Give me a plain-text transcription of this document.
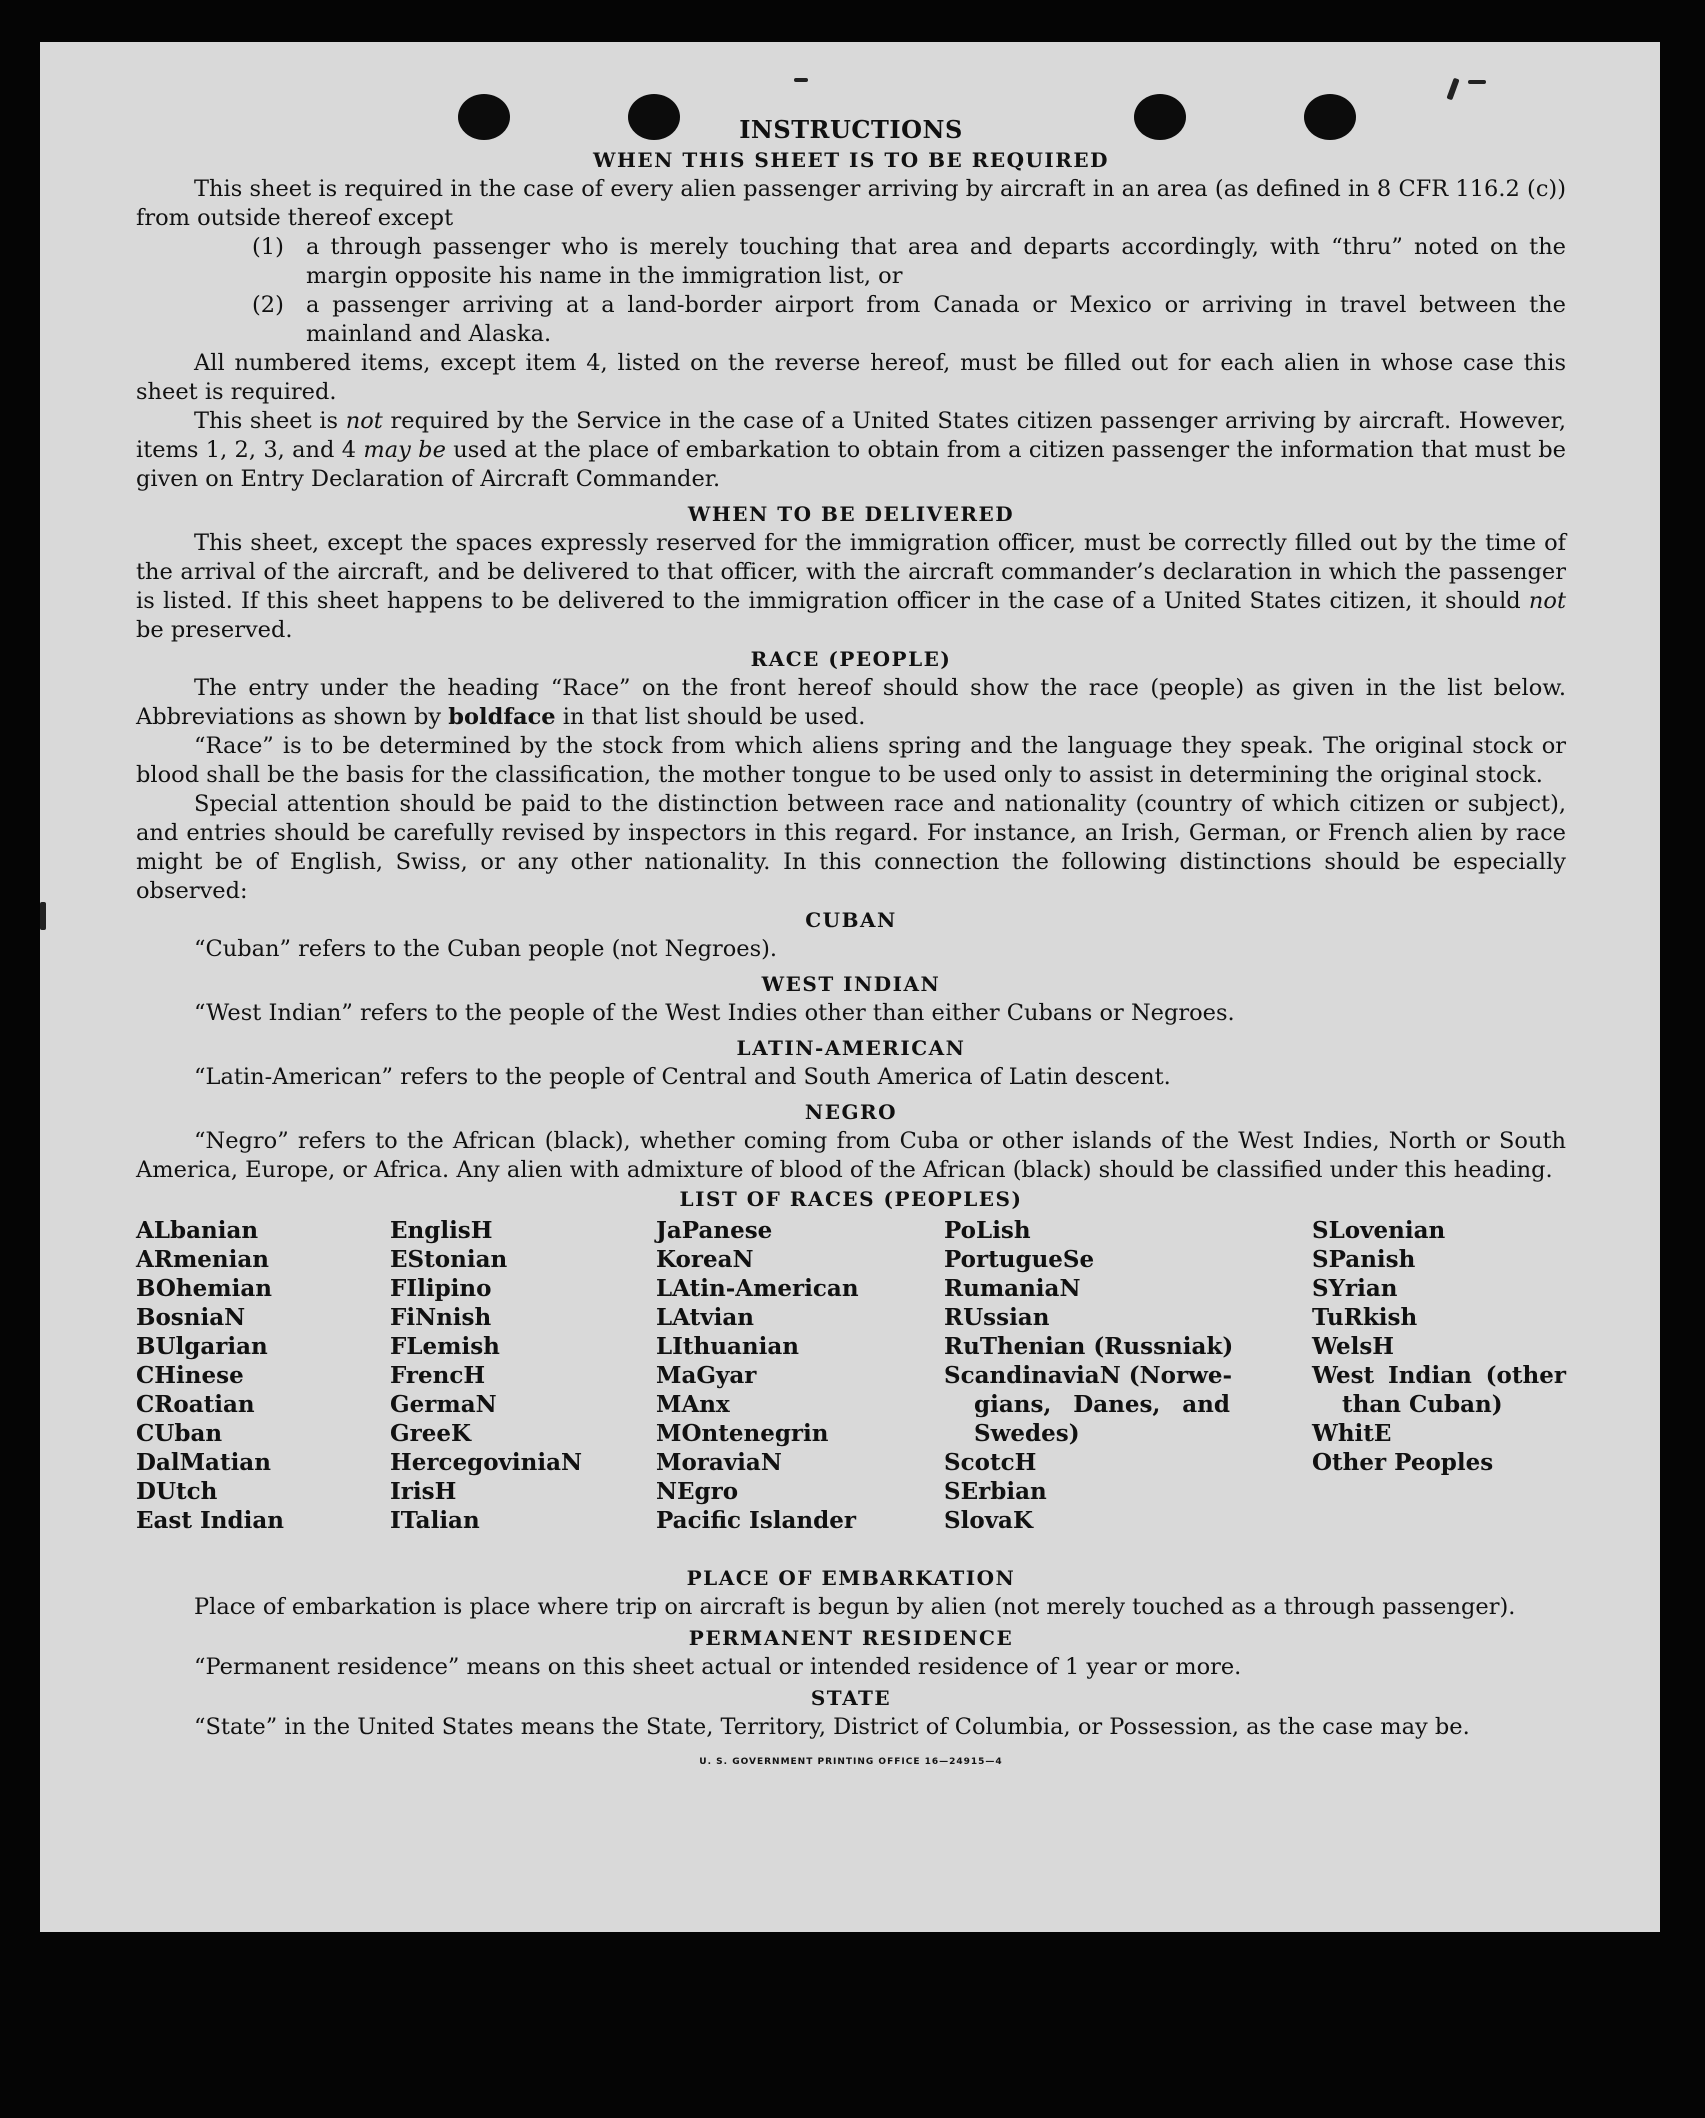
INSTRUCTIONS
WHEN THIS SHEET IS TO BE REQUIRED

This sheet is required in the case of every alien passenger arriving by aircraft in an area (as defined in 8 CFR 116.2 (c)) from outside thereof except

(1) a through passenger who is merely touching that area and departs accordingly, with “thru” noted on the margin opposite his name in the immigration list, or
(2) a passenger arriving at a land-border airport from Canada or Mexico or arriving in travel between the mainland and Alaska.

All numbered items, except item 4, listed on the reverse hereof, must be filled out for each alien in whose case this sheet is required.

This sheet is not required by the Service in the case of a United States citizen passenger arriving by aircraft. However, items 1, 2, 3, and 4 may be used at the place of embarkation to obtain from a citizen passenger the information that must be given on Entry Declaration of Aircraft Commander.

WHEN TO BE DELIVERED

This sheet, except the spaces expressly reserved for the immigration officer, must be correctly filled out by the time of the arrival of the aircraft, and be delivered to that officer, with the aircraft commander’s declaration in which the passenger is listed. If this sheet happens to be delivered to the immigration officer in the case of a United States citizen, it should not be preserved.

RACE (PEOPLE)

The entry under the heading “Race” on the front hereof should show the race (people) as given in the list below. Abbreviations as shown by boldface in that list should be used.

“Race” is to be determined by the stock from which aliens spring and the language they speak. The original stock or blood shall be the basis for the classification, the mother tongue to be used only to assist in determining the original stock.

Special attention should be paid to the distinction between race and nationality (country of which citizen or subject), and entries should be carefully revised by inspectors in this regard. For instance, an Irish, German, or French alien by race might be of English, Swiss, or any other nationality. In this connection the following distinctions should be especially observed:

CUBAN

“Cuban” refers to the Cuban people (not Negroes).

WEST INDIAN

“West Indian” refers to the people of the West Indies other than either Cubans or Negroes.

LATIN-AMERICAN

“Latin-American” refers to the people of Central and South America of Latin descent.

NEGRO

“Negro” refers to the African (black), whether coming from Cuba or other islands of the West Indies, North or South America, Europe, or Africa. Any alien with admixture of blood of the African (black) should be classified under this heading.

LIST OF RACES (PEOPLES)
ALbanian
ARmenian
BOhemian
BosniaN
BUlgarian
CHinese
CRoatian
CUban
DalMatian
DUtch
East Indian
EnglisH
EStonian
FIlipino
FiNnish
FLemish
FrencH
GermaN
GreeK
HercegoviniaN
IrisH
ITalian
JaPanese
KoreaN
LAtin-American
LAtvian
LIthuanian
MaGyar
MAnx
MOntenegrin
MoraviaN
NEgro
Pacific Islander
PoLish
PortugueSe
RumaniaN
RUssian
RuThenian (Russniak)
ScandinaviaN (Norwe-
gians, Danes, and
Swedes)
ScotcH
SErbian
SlovaK
SLovenian
SPanish
SYrian
TuRkish
WelsH
West Indian (other
than Cuban)
WhitE
Other Peoples
PLACE OF EMBARKATION

Place of embarkation is place where trip on aircraft is begun by alien (not merely touched as a through passenger).

PERMANENT RESIDENCE

“Permanent residence” means on this sheet actual or intended residence of 1 year or more.

STATE

“State” in the United States means the State, Territory, District of Columbia, or Possession, as the case may be.

U. S. GOVERNMENT PRINTING OFFICE 16—24915—4
